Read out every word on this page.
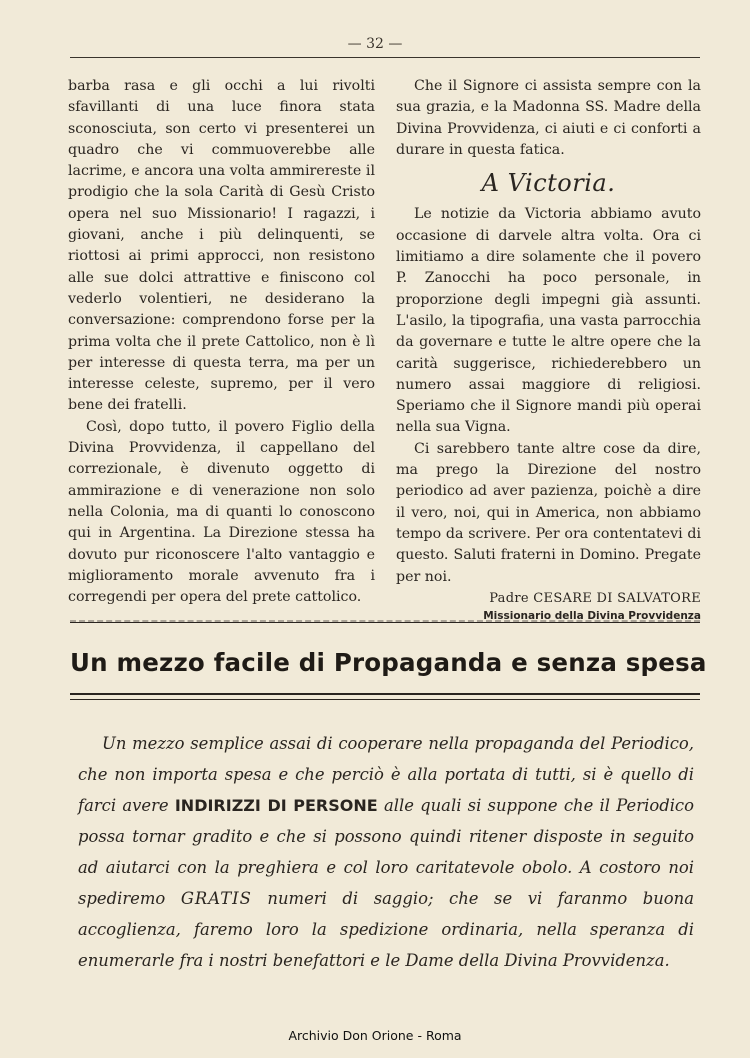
— 32 —

barba rasa e gli occhi a lui rivolti sfavillanti di una luce finora stata sconosciuta, son certo vi presenterei un quadro che vi commuoverebbe alle lacrime, e ancora una volta ammirereste il prodigio che la sola Carità di Gesù Cristo opera nel suo Missionario! I ragazzi, i giovani, anche i più delinquenti, se riottosi ai primi approcci, non resistono alle sue dolci attrattive e finiscono col vederlo volentieri, ne desiderano la conversazione: comprendono forse per la prima volta che il prete Cattolico, non è lì per interesse di questa terra, ma per un interesse celeste, supremo, per il vero bene dei fratelli.

Così, dopo tutto, il povero Figlio della Divina Provvidenza, il cappellano del correzionale, è divenuto oggetto di ammirazione e di venerazione non solo nella Colonia, ma di quanti lo conoscono qui in Argentina. La Direzione stessa ha dovuto pur riconoscere l'alto vantaggio e miglioramento morale avvenuto fra i corregendi per opera del prete cattolico.

Che il Signore ci assista sempre con la sua grazia, e la Madonna SS. Madre della Divina Provvidenza, ci aiuti e ci conforti a durare in questa fatica.

A Victoria.

Le notizie da Victoria abbiamo avuto occasione di darvele altra volta. Ora ci limitiamo a dire solamente che il povero P. Zanocchi ha poco personale, in proporzione degli impegni già assunti. L'asilo, la tipografia, una vasta parrocchia da governare e tutte le altre opere che la carità suggerisce, richiederebbero un numero assai maggiore di religiosi. Speriamo che il Signore mandi più operai nella sua Vigna.

Ci sarebbero tante altre cose da dire, ma prego la Direzione del nostro periodico ad aver pazienza, poichè a dire il vero, noi, qui in America, non abbiamo tempo da scrivere. Per ora contentatevi di questo. Saluti fraterni in Domino. Pregate per noi.

Padre CESARE DI SALVATORE
Missionario della Divina Provvidenza
Un mezzo facile di Propaganda e senza spesa
Un mezzo semplice assai di cooperare nella propaganda del Periodico, che non importa spesa e che perciò è alla portata di tutti, si è quello di farci avere INDIRIZZI DI PERSONE alle quali si suppone che il Periodico possa tornar gradito e che si possono quindi ritener disposte in seguito ad aiutarci con la preghiera e col loro caritatevole obolo. A costoro noi spediremo GRATIS numeri di saggio; che se vi faranmo buona accoglienza, faremo loro la spedizione ordinaria, nella speranza di enumerarle fra i nostri benefattori e le Dame della Divina Provvidenza.
Archivio Don Orione - Roma
